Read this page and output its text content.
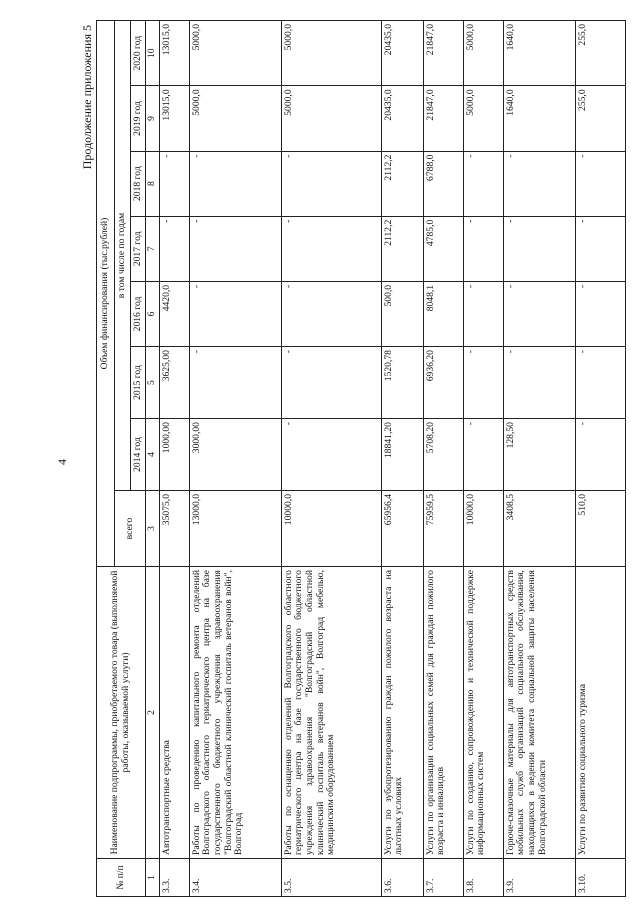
4
Продолжение приложения 5
№ п/п	Наименование подпрограммы, приобретаемого товара (выполняемой работы, оказываемой услуги)	Объем финансирования (тыс.рублей)							
		всего	в том числе по годам						
			2014 год	2015 год	2016 год	2017 год	2018 год	2019 год	2020 год
1	2	3	4	5	6	7	8	9	10
3.3.	Автотранспортные средства	35075,0	1000,00	3625,00	4420,0	-	-	13015,0	13015,0
3.4.	Работы по проведению капитального ремонта отделений Волгоградского областного гериатрического центра на базе государственного бюджетного учреждения здравоохранения "Волгоградский областной клинический госпиталь ветеранов войн", Волгоград	13000,0	3000,00	-	-	-	-	5000,0	5000,0
3.5.	Работы по оснащению отделений Волгоградского областного гериатрического центра на базе государственного бюджетного учреждения здравоохранения "Волгоградский областной клинический госпиталь ветеранов войн", Волгоград мебелью, медицинским оборудованием	10000,0	-	-	-	-	-	5000,0	5000,0
3.6.	Услуги по зубопротезированию граждан пожилого возраста на льготных условиях	65956,4	18841,20	1520,78	500,0	2112,2	2112,2	20435,0	20435,0
3.7.	Услуги по организации социальных семей для граждан пожилого возраста и инвалидов	75959,5	5708,20	6936,20	8048,1	4785,0	6788,0	21847,0	21847,0
3.8.	Услуги по созданию, сопровождению и технической поддержке информационных систем	10000,0	-	-	-	-	-	5000,0	5000,0
3.9.	Горюче-смазочные материалы для автотранспортных средств мобильных служб организаций социального обслуживания, находящихся в ведении комитета социальной защиты населения Волгоградской области	3408,5	128,50	-	-	-	-	1640,0	1640,0
3.10.	Услуги по развитию социального туризма	510,0	-	-	-	-	-	255,0	255,0
